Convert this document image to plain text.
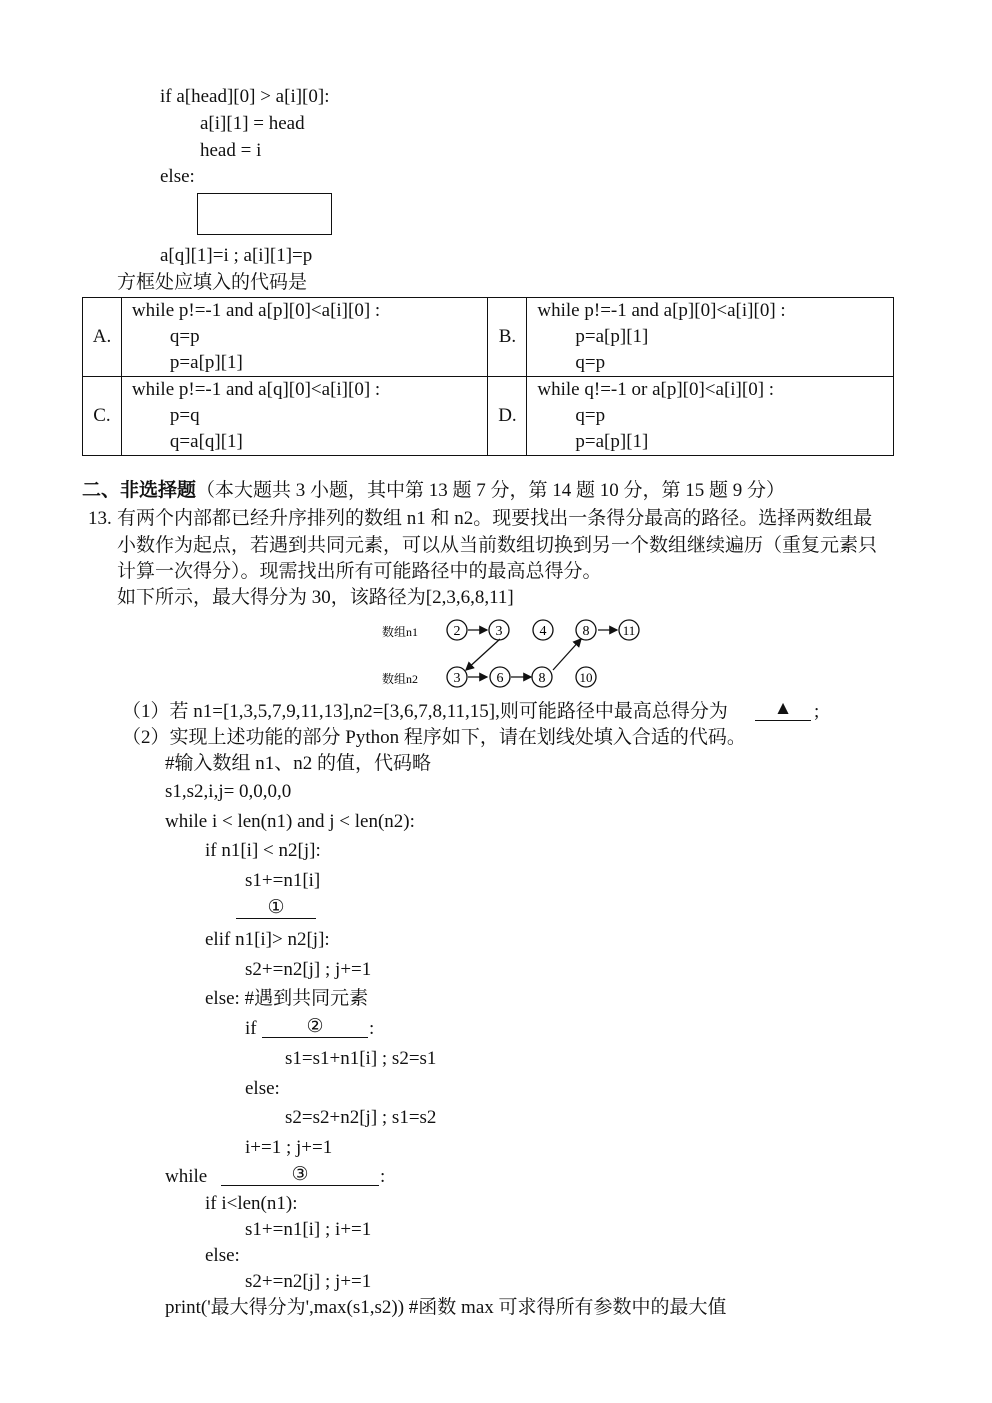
if a[head][0] > a[i][0]:
a[i][1] = head
head = i
else:
a[q][1]=i ; a[i][1]=p
方框处应填入的代码是
A.	while p!=-1 and a[p][0]<a[i][0] :
q=p
p=a[p][1]	B.	while p!=-1 and a[p][0]<a[i][0] :
p=a[p][1]
q=p

C.	while p!=-1 and a[q][0]<a[i][0] :
p=q
q=a[q][1]	D.	while q!=-1 or a[p][0]<a[i][0] :
q=p
p=a[p][1]
二、非选择题（本大题共 3 小题，其中第 13 题 7 分，第 14 题 10 分，第 15 题 9 分）
13. 有两个内部都已经升序排列的数组 n1 和 n2。现要找出一条得分最高的路径。选择两数组最
小数作为起点，若遇到共同元素，可以从当前数组切换到另一个数组继续遍历（重复元素只
计算一次得分）。现需找出所有可能路径中的最高总得分。
如下所示，最大得分为 30，该路径为[2,3,6,8,11]
数组n1
数组n2
2	3	4	8	11
3	6	8	10
（1）若 n1=[1,3,5,7,9,11,13],n2=[3,6,7,8,11,15],则可能路径中最高总得分为	▲	;
（2）实现上述功能的部分 Python 程序如下，请在划线处填入合适的代码。
#输入数组 n1、n2 的值，代码略
s1,s2,i,j= 0,0,0,0
while i < len(n1) and j < len(n2):
if n1[i] < n2[j]:
s1+=n1[i]
①
elif n1[i]> n2[j]:
s2+=n2[j] ; j+=1
else: #遇到共同元素
if	②	:
s1=s1+n1[i] ; s2=s1
else:
s2=s2+n2[j] ; s1=s2
i+=1 ; j+=1
while	③	:
if i<len(n1):
s1+=n1[i] ; i+=1
else:
s2+=n2[j] ; j+=1
print('最大得分为',max(s1,s2)) #函数 max 可求得所有参数中的最大值
